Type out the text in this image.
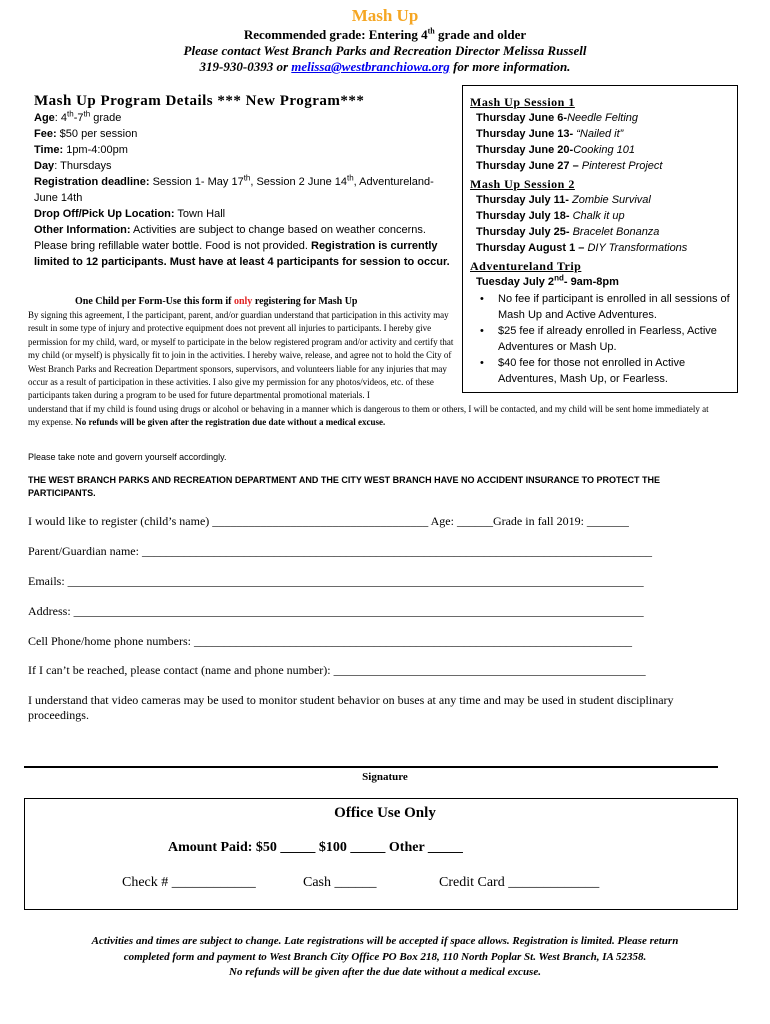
Mash Up
Recommended grade: Entering 4th grade and older
Please contact West Branch Parks and Recreation Director Melissa Russell
319-930-0393 or melissa@westbranchiowa.org for more information.
Mash Up Program Details *** New Program***
Age: 4th-7th grade
Fee: $50 per session
Time: 1pm-4:00pm
Day: Thursdays
Registration deadline: Session 1- May 17th, Session 2 June 14th, Adventureland-
June 14th
Drop Off/Pick Up Location: Town Hall
Other Information: Activities are subject to change based on weather concerns.
Please bring refillable water bottle. Food is not provided. Registration is currently
limited to 12 participants. Must have at least 4 participants for session to occur.
Mash Up Session 1
Thursday June 6-Needle Felting
Thursday June 13- “Nailed it”
Thursday June 20-Cooking 101
Thursday June 27 – Pinterest Project
Mash Up Session 2
Thursday July 11- Zombie Survival
Thursday July 18- Chalk it up
Thursday July 25- Bracelet Bonanza
Thursday August 1 – DIY Transformations
Adventureland Trip
Tuesday July 2nd- 9am-8pm
• No fee if participant is enrolled in all sessions of Mash Up and Active Adventures.
• $25 fee if already enrolled in Fearless, Active Adventures or Mash Up.
• $40 fee for those not enrolled in Active Adventures, Mash Up, or Fearless.
One Child per Form-Use this form if only registering for Mash Up
By signing this agreement, I the participant, parent, and/or guardian understand that participation in this activity may result in some type of injury and protective equipment does not prevent all injuries to participants. I hereby give permission for my child, ward, or myself to participate in the below registered program and/or activity and certify that my child (or myself) is physically fit to join in the activities. I hereby waive, release, and agree not to hold the City of West Branch Parks and Recreation Department sponsors, supervisors, and volunteers liable for any injuries that may occur as a result of participation in these activities. I also give my permission for any photos/videos, etc. of these participants taken during a program to be used for future departmental promotional materials. I
understand that if my child is found using drugs or alcohol or behaving in a manner which is dangerous to them or others, I will be contacted, and my child will be sent home immediately at my expense. No refunds will be given after the registration due date without a medical excuse.
Please take note and govern yourself accordingly.
THE WEST BRANCH PARKS AND RECREATION DEPARTMENT AND THE CITY WEST BRANCH HAVE NO ACCIDENT INSURANCE TO PROTECT THE PARTICIPANTS.
I would like to register (child’s name) ____________________________________ Age: ______Grade in fall 2019: _______
Parent/Guardian name: _____________________________________________________________________________________
Emails: ________________________________________________________________________________________________
Address: _______________________________________________________________________________________________
Cell Phone/home phone numbers: _________________________________________________________________________
If I can’t be reached, please contact (name and phone number): ____________________________________________________
I understand that video cameras may be used to monitor student behavior on buses at any time and may be used in student disciplinary proceedings.
Signature
Office Use Only
Amount Paid: $50 _____ $100 _____ Other _____
Check # ____________	Cash ______	Credit Card _____________
Activities and times are subject to change. Late registrations will be accepted if space allows. Registration is limited. Please return
completed form and payment to West Branch City Office PO Box 218, 110 North Poplar St. West Branch, IA 52358.
No refunds will be given after the due date without a medical excuse.
